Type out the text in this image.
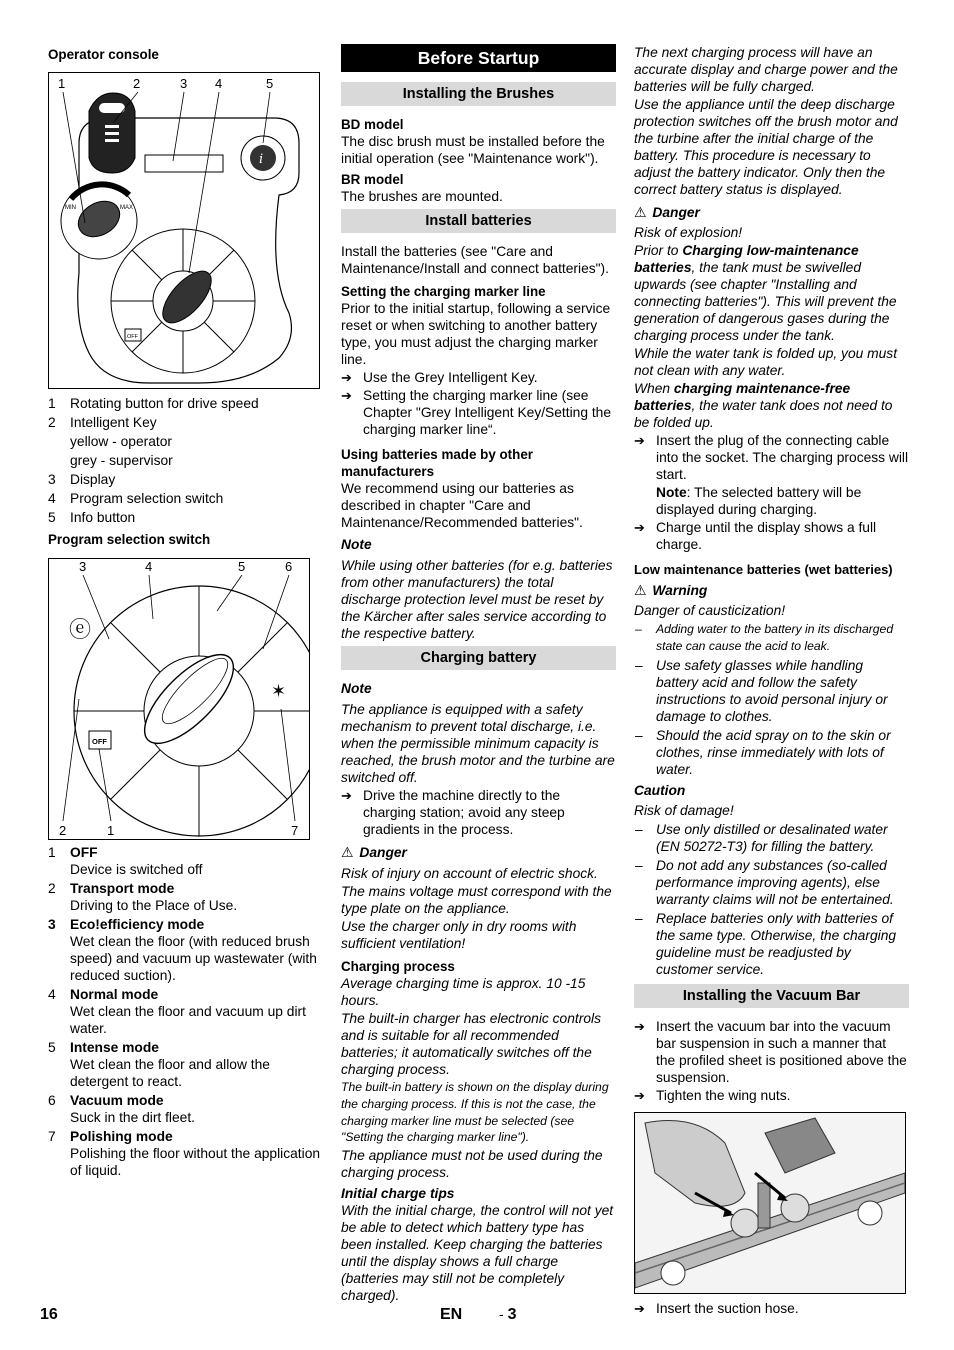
Operator console
1	2	3 4	5
i
MIN	MAX
OFF
1 Rotating button for drive speed
2 Intelligent Key
yellow - operator
grey - supervisor
3 Display
4 Program selection switch
5 Info button
Program selection switch
3	4	5	6
2	1	7
ⓔ
OFF
✶
1 OFF
Device is switched off
2 Transport mode
Driving to the Place of Use.
3 Eco!efficiency mode
Wet clean the floor (with reduced brush speed) and vacuum up wastewater (with reduced suction).
4 Normal mode
Wet clean the floor and vacuum up dirt water.
5 Intense mode
Wet clean the floor and allow the detergent to react.
6 Vacuum mode
Suck in the dirt fleet.
7 Polishing mode
Polishing the floor without the application of liquid.
Before Startup
Installing the Brushes
BD model

The disc brush must be installed before the initial operation (see "Maintenance work").

BR model

The brushes are mounted.

Install batteries

Install the batteries (see "Care and Maintenance/Install and connect batteries").

Setting the charging marker line

Prior to the initial startup, following a service reset or when switching to another battery type, you must adjust the charging marker line.

➔ Use the Grey Intelligent Key.
➔ Setting the charging marker line (see Chapter "Grey Intelligent Key/Setting the charging marker line“.
Using batteries made by other manufacturers

We recommend using our batteries as described in chapter "Care and Maintenance/Recommended batteries".

Note

While using other batteries (for e.g. batteries from other manufacturers) the total discharge protection level must be reset by the Kärcher after sales service according to the respective battery.

Charging battery
Note

The appliance is equipped with a safety mechanism to prevent total discharge, i.e. when the permissible minimum capacity is reached, the brush motor and the turbine are switched off.

➔ Drive the machine directly to the charging station; avoid any steep gradients in the process.
⚠ Danger

Risk of injury on account of electric shock.

The mains voltage must correspond with the type plate on the appliance.

Use the charger only in dry rooms with sufficient ventilation!

Charging process

Average charging time is approx. 10 -15 hours.

The built-in charger has electronic controls and is suitable for all recommended batteries; it automatically switches off the charging process.

The built-in battery is shown on the display during the charging process. If this is not the case, the charging marker line must be selected (see "Setting the charging marker line").

The appliance must not be used during the charging process.

Initial charge tips

With the initial charge, the control will not yet be able to detect which battery type has been installed. Keep charging the batteries until the display shows a full charge (batteries may still not be completely charged).

The next charging process will have an accurate display and charge power and the batteries will be fully charged.

Use the appliance until the deep discharge protection switches off the brush motor and the turbine after the initial charge of the battery. This procedure is necessary to adjust the battery indicator. Only then the correct battery status is displayed.

⚠ Danger

Risk of explosion!

Prior to Charging low-maintenance batteries, the tank must be swivelled upwards (see chapter "Installing and connecting batteries"). This will prevent the generation of dangerous gases during the charging process under the tank.

While the water tank is folded up, you must not clean with any water.

When charging maintenance-free batteries, the water tank does not need to be folded up.

➔ Insert the plug of the connecting cable into the socket. The charging process will start.

Note: The selected battery will be displayed during charging.

➔ Charge until the display shows a full charge.
Low maintenance batteries (wet batteries)
⚠ Warning

Danger of causticization!

– Adding water to the battery in its discharged state can cause the acid to leak.
– Use safety glasses while handling battery acid and follow the safety instructions to avoid personal injury or damage to clothes.
– Should the acid spray on to the skin or clothes, rinse immediately with lots of water.
Caution

Risk of damage!

– Use only distilled or desalinated water (EN 50272-T3) for filling the battery.
– Do not add any substances (so-called performance improving agents), else warranty claims will not be entertained.
– Replace batteries only with batteries of the same type. Otherwise, the charging guideline must be readjusted by customer service.
Installing the Vacuum Bar
➔ Insert the vacuum bar into the vacuum bar suspension in such a manner that the profiled sheet is positioned above the suspension.
➔ Tighten the wing nuts.
➔ Insert the suction hose.
16	EN	- 3
